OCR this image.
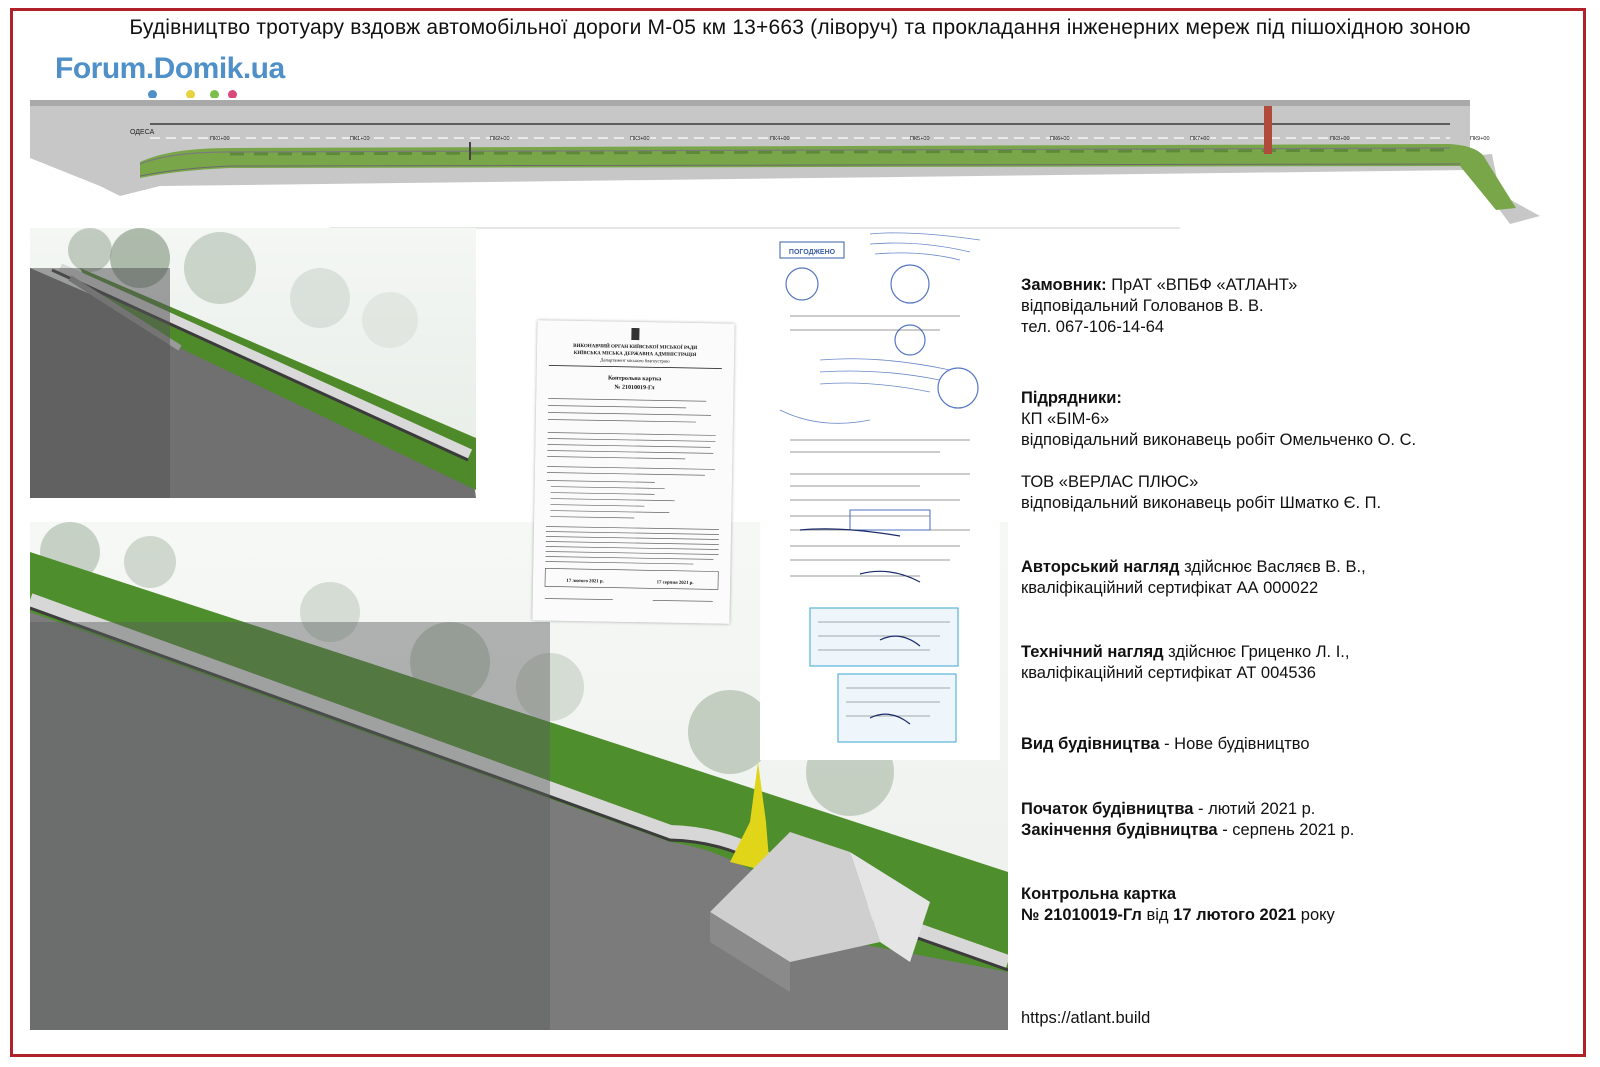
Будівництво тротуару вздовж автомобільної дороги М-05 км 13+663 (ліворуч) та прокладання інженерних мереж під пішохідною зоною
Forum.Domik.ua
ОДЕСА
ПК0+00	ПК1+00	ПК2+00	ПК3+00	ПК4+00	ПК5+00	ПК6+00	ПК7+00	ПК8+00	ПК9+00
ВИКОНАВЧИЙ ОРГАН КИЇВСЬКОЇ МІСЬКОЇ РАДИ
КИЇВСЬКА МІСЬКА ДЕРЖАВНА АДМІНІСТРАЦІЯ
Департамент міського благоустрою
Контрольна картка
№ 21010019-Гл
17 лютого 2021 р.	17 серпня 2021 р.
ПОГОДЖЕНО
Замовник: ПрАТ «ВПБФ «АТЛАНТ»
відповідальний Голованов В. В.
тел. 067-106-14-64
Підрядники:
КП «БІМ-6»
відповідальний виконавець робіт Омельченко О. С.
ТОВ «ВЕРЛАС ПЛЮС»
відповідальний виконавець робіт Шматко Є. П.
Авторський нагляд здійснює Васляєв В. В.,
кваліфікаційний сертифікат АА 000022
Технічний нагляд здійснює Гриценко Л. І.,
кваліфікаційний сертифікат АТ 004536
Вид будівництва - Нове будівництво
Початок будівництва - лютий 2021 р.
Закінчення будівництва - серпень 2021 р.
Контрольна картка
№ 21010019-Гл від 17 лютого 2021 року
https://atlant.build
